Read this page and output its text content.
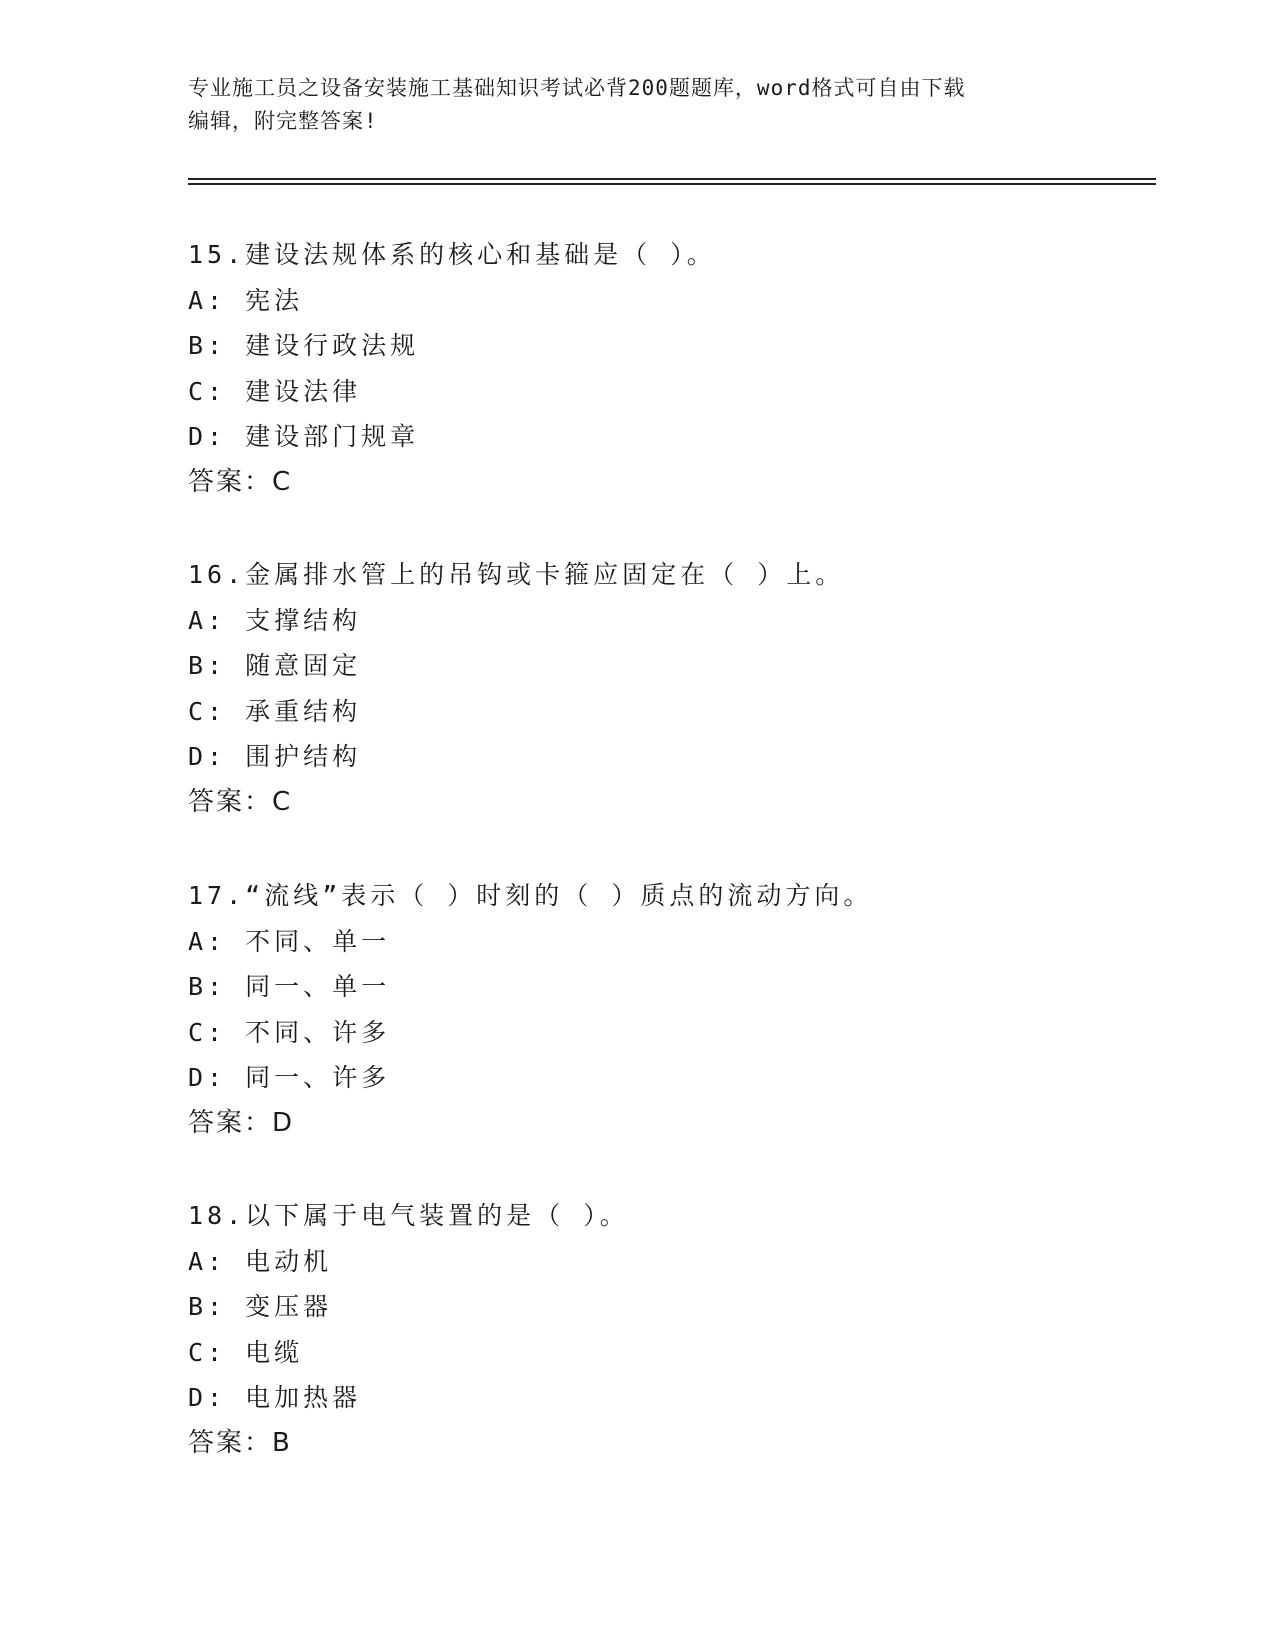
专业施工员之设备安装施工基础知识考试必背200题题库，word格式可自由下载
编辑，附完整答案!
15.建设法规体系的核心和基础是（ ）。
A: 宪法
B: 建设行政法规
C: 建设法律
D: 建设部门规章
答案：C
16.金属排水管上的吊钩或卡箍应固定在（ ）上。
A: 支撑结构
B: 随意固定
C: 承重结构
D: 围护结构
答案：C
17.“流线”表示（ ）时刻的（ ）质点的流动方向。
A: 不同、单一
B: 同一、单一
C: 不同、许多
D: 同一、许多
答案：D
18.以下属于电气装置的是（ ）。
A: 电动机
B: 变压器
C: 电缆
D: 电加热器
答案：B
